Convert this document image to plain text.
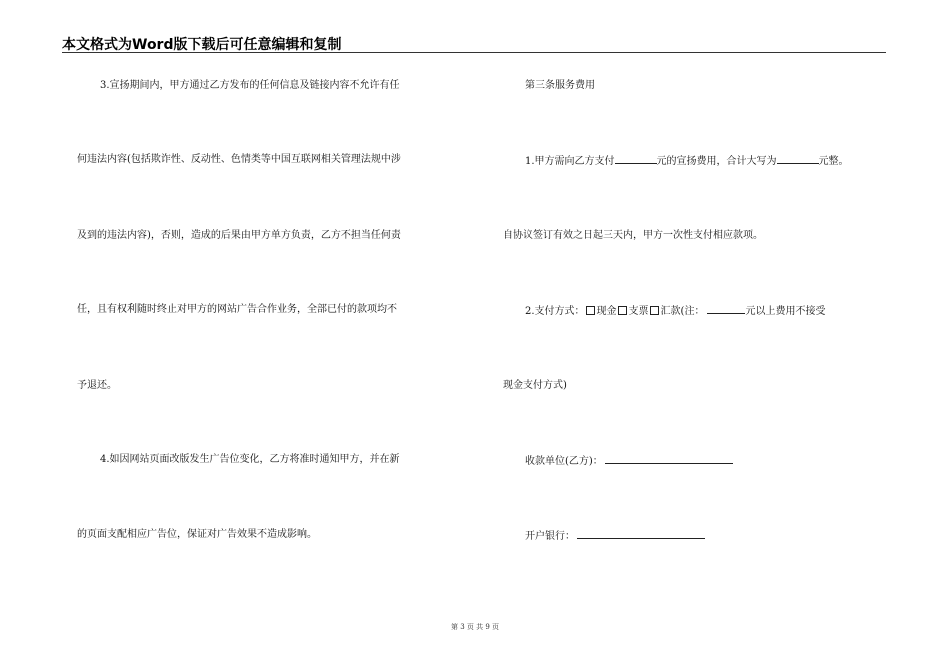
本文格式为Word版下载后可任意编辑和复制
3.宣扬期间内，甲方通过乙方发布的任何信息及链接内容不允许有任
何违法内容(包括欺诈性、反动性、色情类等中国互联网相关管理法规中涉
及到的违法内容)，否则，造成的后果由甲方单方负责，乙方不担当任何责
任，且有权利随时终止对甲方的网站广告合作业务，全部已付的款项均不
予退还。
4.如因网站页面改版发生广告位变化，乙方将准时通知甲方，并在新
的页面支配相应广告位，保证对广告效果不造成影响。
第三条服务费用
1.甲方需向乙方支付	元的宣扬费用，合计大写为	元整。
自协议签订有效之日起三天内，甲方一次性支付相应款项。
2.支付方式： 现金 支票 汇款(注：	元以上费用不接受
现金支付方式)
收款单位(乙方)：
开户银行：
第 3 页 共 9 页
